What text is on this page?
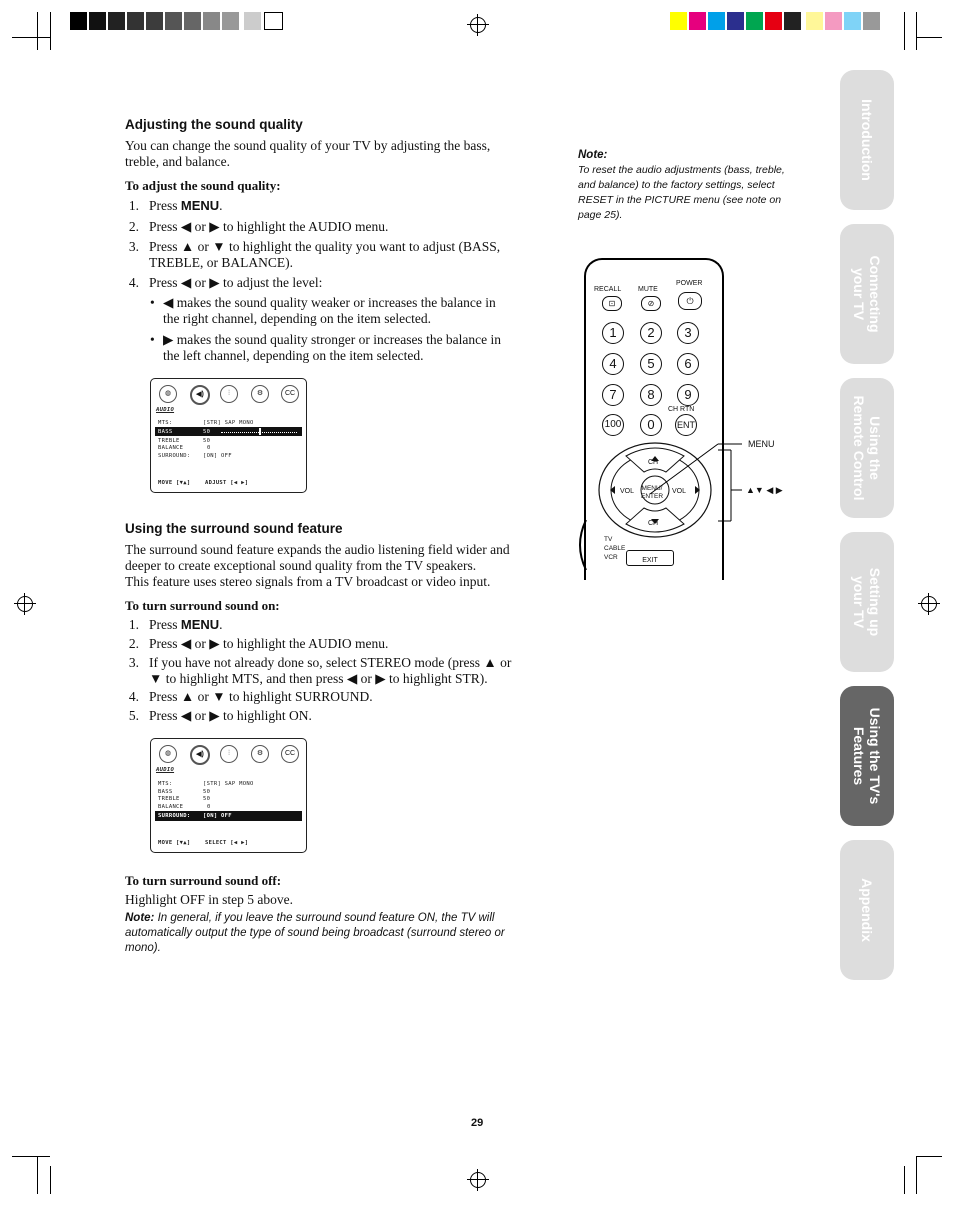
Adjusting the sound quality
You can change the sound quality of your TV by adjusting the bass, treble, and balance.
To adjust the sound quality:
1. Press MENU.
2. Press ◀ or ▶ to highlight the AUDIO menu.
3. Press ▲ or ▼ to highlight the quality you want to adjust (BASS,
TREBLE, or BALANCE).
4. Press ◀ or ▶ to adjust the level:
• ◀ makes the sound quality weaker or increases the balance in
the right channel, depending on the item selected.
• ▶ makes the sound quality stronger or increases the balance in
the left channel, depending on the item selected.
◍	◀)	⫶	⚙	CC
AUDIO
MTS:	[STR] SAP MONO
BASS	50
TREBLE	50
BALANCE	0
SURROUND: [ON] OFF
MOVE [▼▲]	ADJUST [◀ ▶]
Using the surround sound feature
The surround sound feature expands the audio listening field wider and
deeper to create exceptional sound quality from the TV speakers.
This feature uses stereo signals from a TV broadcast or video input.
To turn surround sound on:
1. Press MENU.
2. Press ◀ or ▶ to highlight the AUDIO menu.
3. If you have not already done so, select STEREO mode (press ▲ or
▼ to highlight MTS, and then press ◀ or ▶ to highlight STR).
4. Press ▲ or ▼ to highlight SURROUND.
5. Press ◀ or ▶ to highlight ON.
◍	◀)	⫶	⚙	CC
AUDIO
MTS:	[STR] SAP MONO
BASS	50
TREBLE	50
BALANCE	0
SURROUND: [ON] OFF
MOVE [▼▲]	SELECT [◀ ▶]
To turn surround sound off:
Highlight OFF in step 5 above.
Note: In general, if you leave the surround sound feature ON, the TV will
automatically output the type of sound being broadcast (surround stereo or
mono).
Note:
To reset the audio adjustments (bass, treble,
and balance) to the factory settings, select
RESET in the PICTURE menu (see note on
page 25).
RECALL MUTE
POWER
⊡	⊘	⏻
1	2	3
4	5	6
7	8	9
100	0	ENT
CH RTN
CH
CH
VOL	VOL
MENU/
ENTER
TV
CABLE
VCR	EXIT
MENU
▲▼ ◀ ▶
Introduction
Connecting
your TV
Using the
Remote Control
Setting up
your TV
Using the TV's
Features
Appendix
29
